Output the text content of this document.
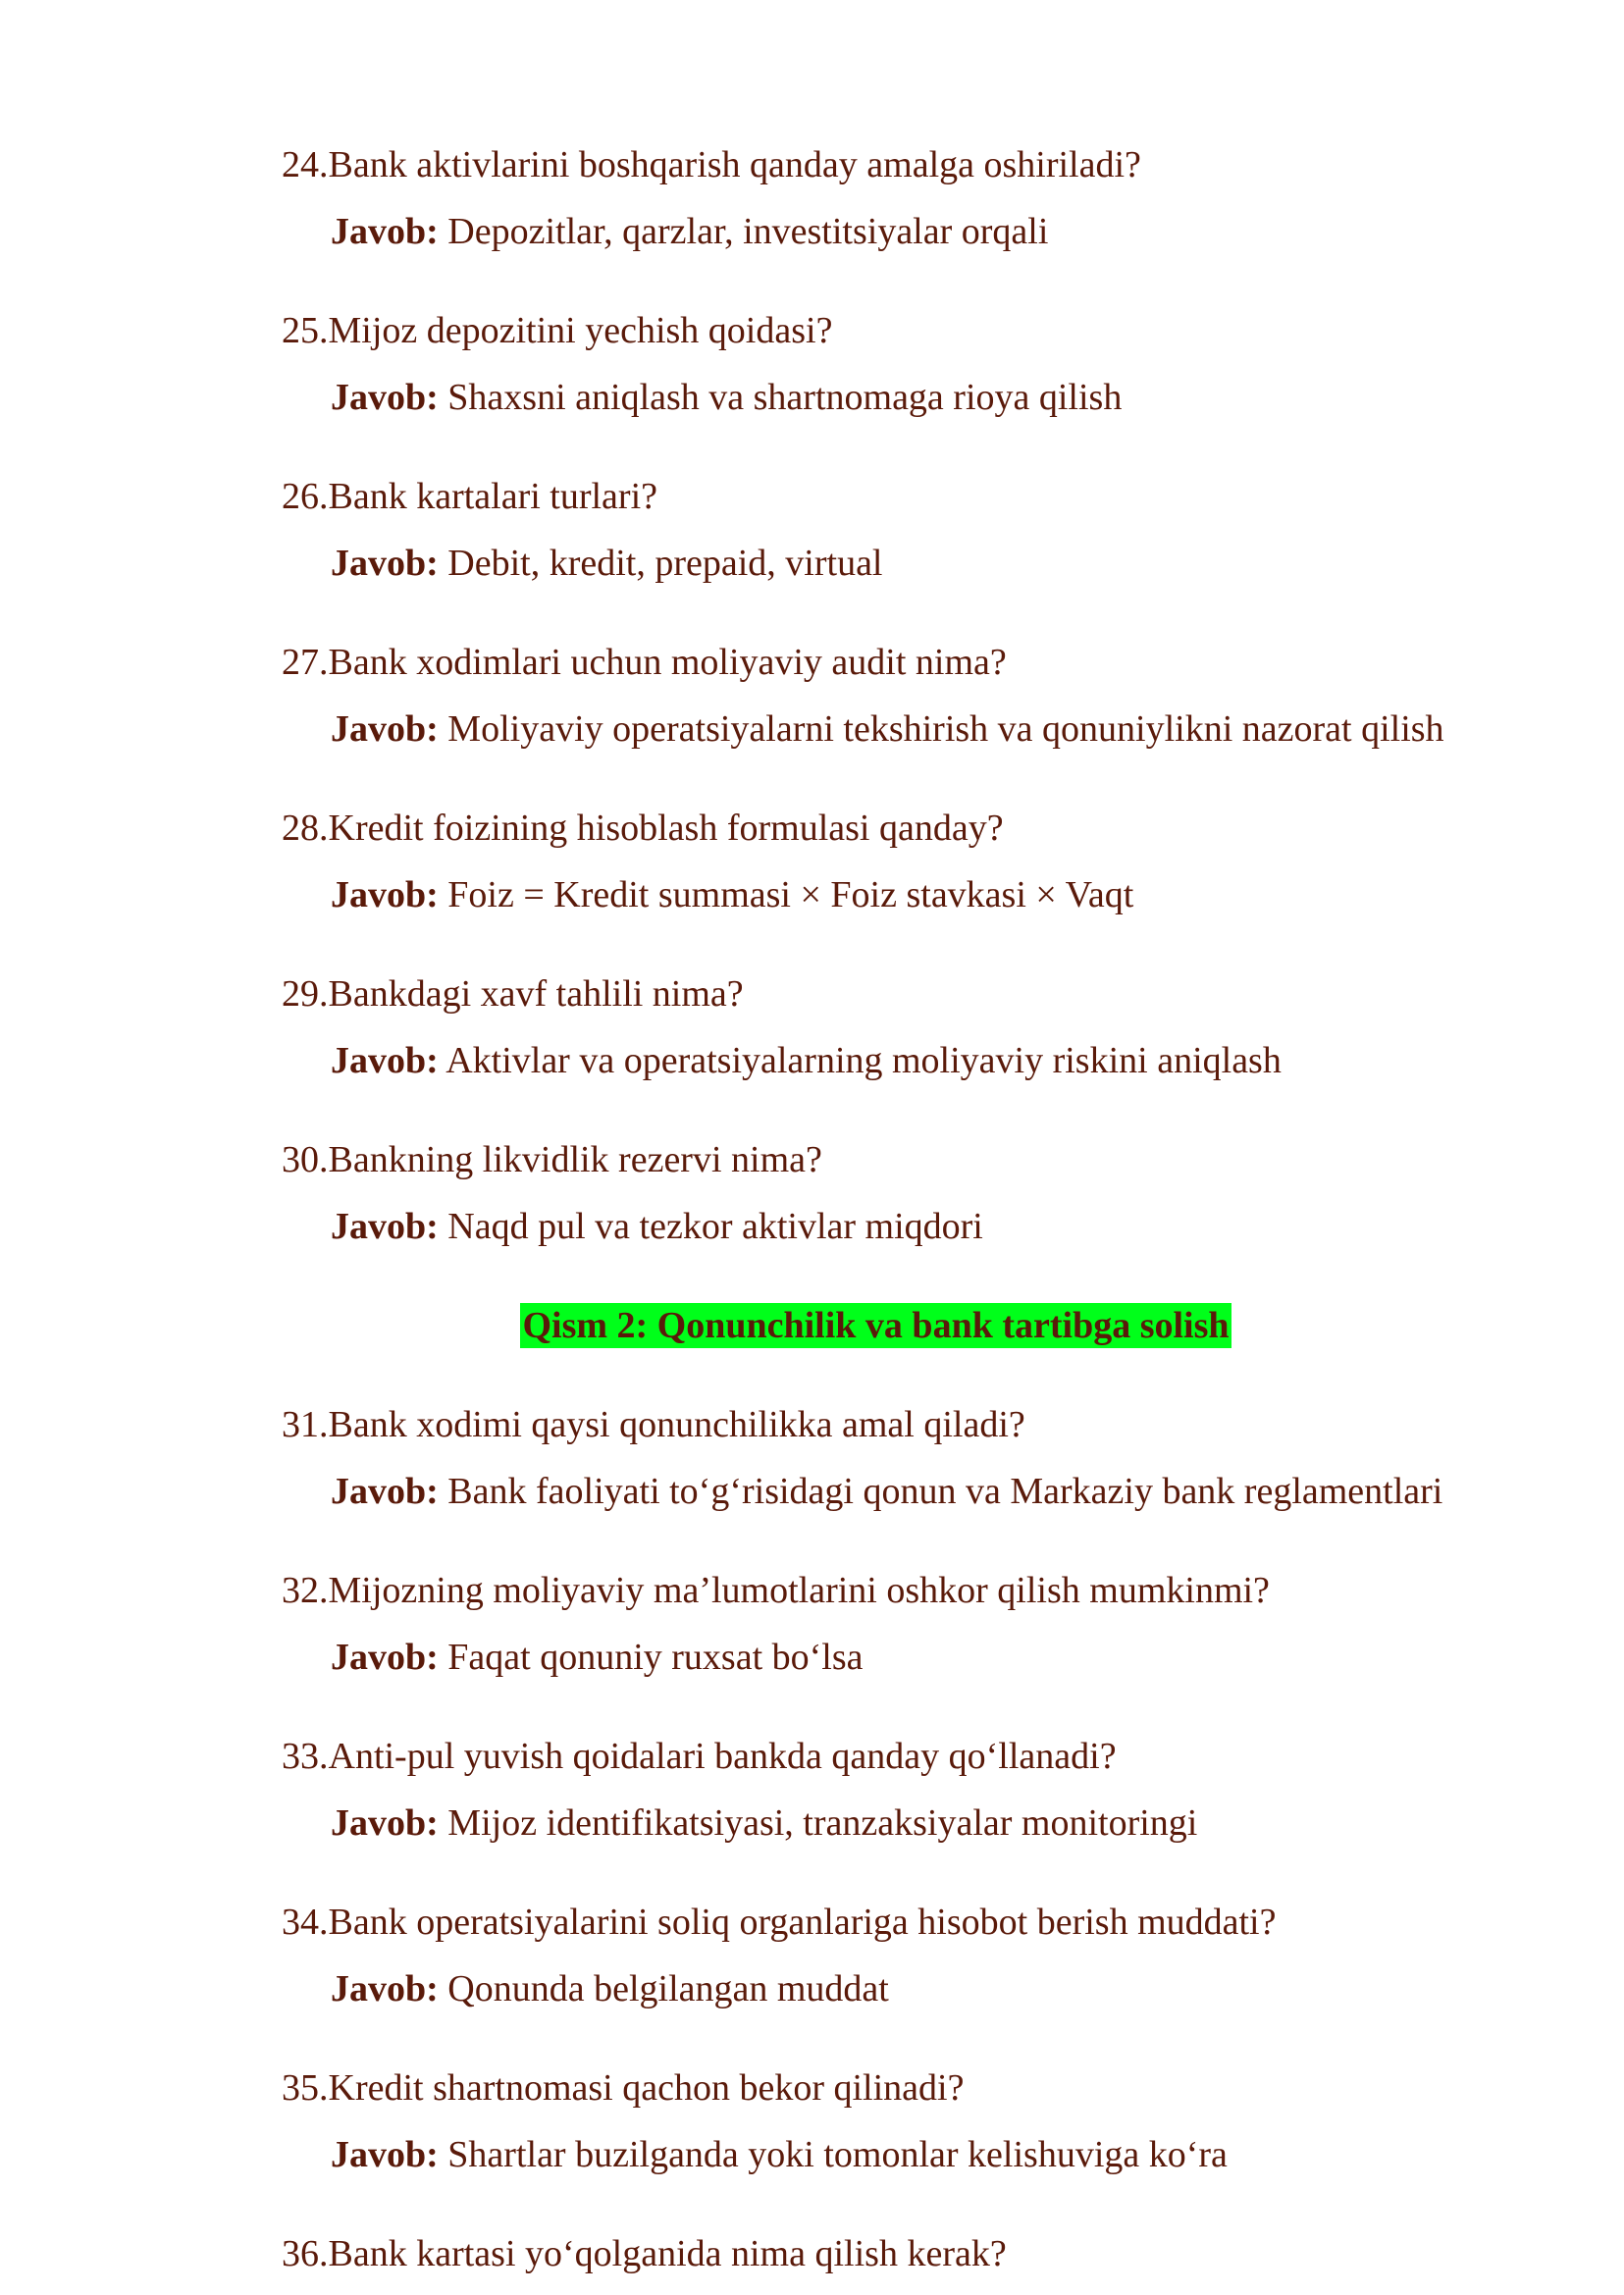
24.Bank aktivlarini boshqarish qanday amalga oshiriladi?
Javob: Depozitlar, qarzlar, investitsiyalar orqali
25.Mijoz depozitini yechish qoidasi?
Javob: Shaxsni aniqlash va shartnomaga rioya qilish
26.Bank kartalari turlari?
Javob: Debit, kredit, prepaid, virtual
27.Bank xodimlari uchun moliyaviy audit nima?
Javob: Moliyaviy operatsiyalarni tekshirish va qonuniylikni nazorat qilish
28.Kredit foizining hisoblash formulasi qanday?
Javob: Foiz = Kredit summasi × Foiz stavkasi × Vaqt
29.Bankdagi xavf tahlili nima?
Javob: Aktivlar va operatsiyalarning moliyaviy riskini aniqlash
30.Bankning likvidlik rezervi nima?
Javob: Naqd pul va tezkor aktivlar miqdori
Qism 2: Qonunchilik va bank tartibga solish
31.Bank xodimi qaysi qonunchilikka amal qiladi?
Javob: Bank faoliyati to‘g‘risidagi qonun va Markaziy bank reglamentlari
32.Mijozning moliyaviy ma’lumotlarini oshkor qilish mumkinmi?
Javob: Faqat qonuniy ruxsat bo‘lsa
33.Anti-pul yuvish qoidalari bankda qanday qo‘llanadi?
Javob: Mijoz identifikatsiyasi, tranzaksiyalar monitoringi
34.Bank operatsiyalarini soliq organlariga hisobot berish muddati?
Javob: Qonunda belgilangan muddat
35.Kredit shartnomasi qachon bekor qilinadi?
Javob: Shartlar buzilganda yoki tomonlar kelishuviga ko‘ra
36.Bank kartasi yo‘qolganida nima qilish kerak?
